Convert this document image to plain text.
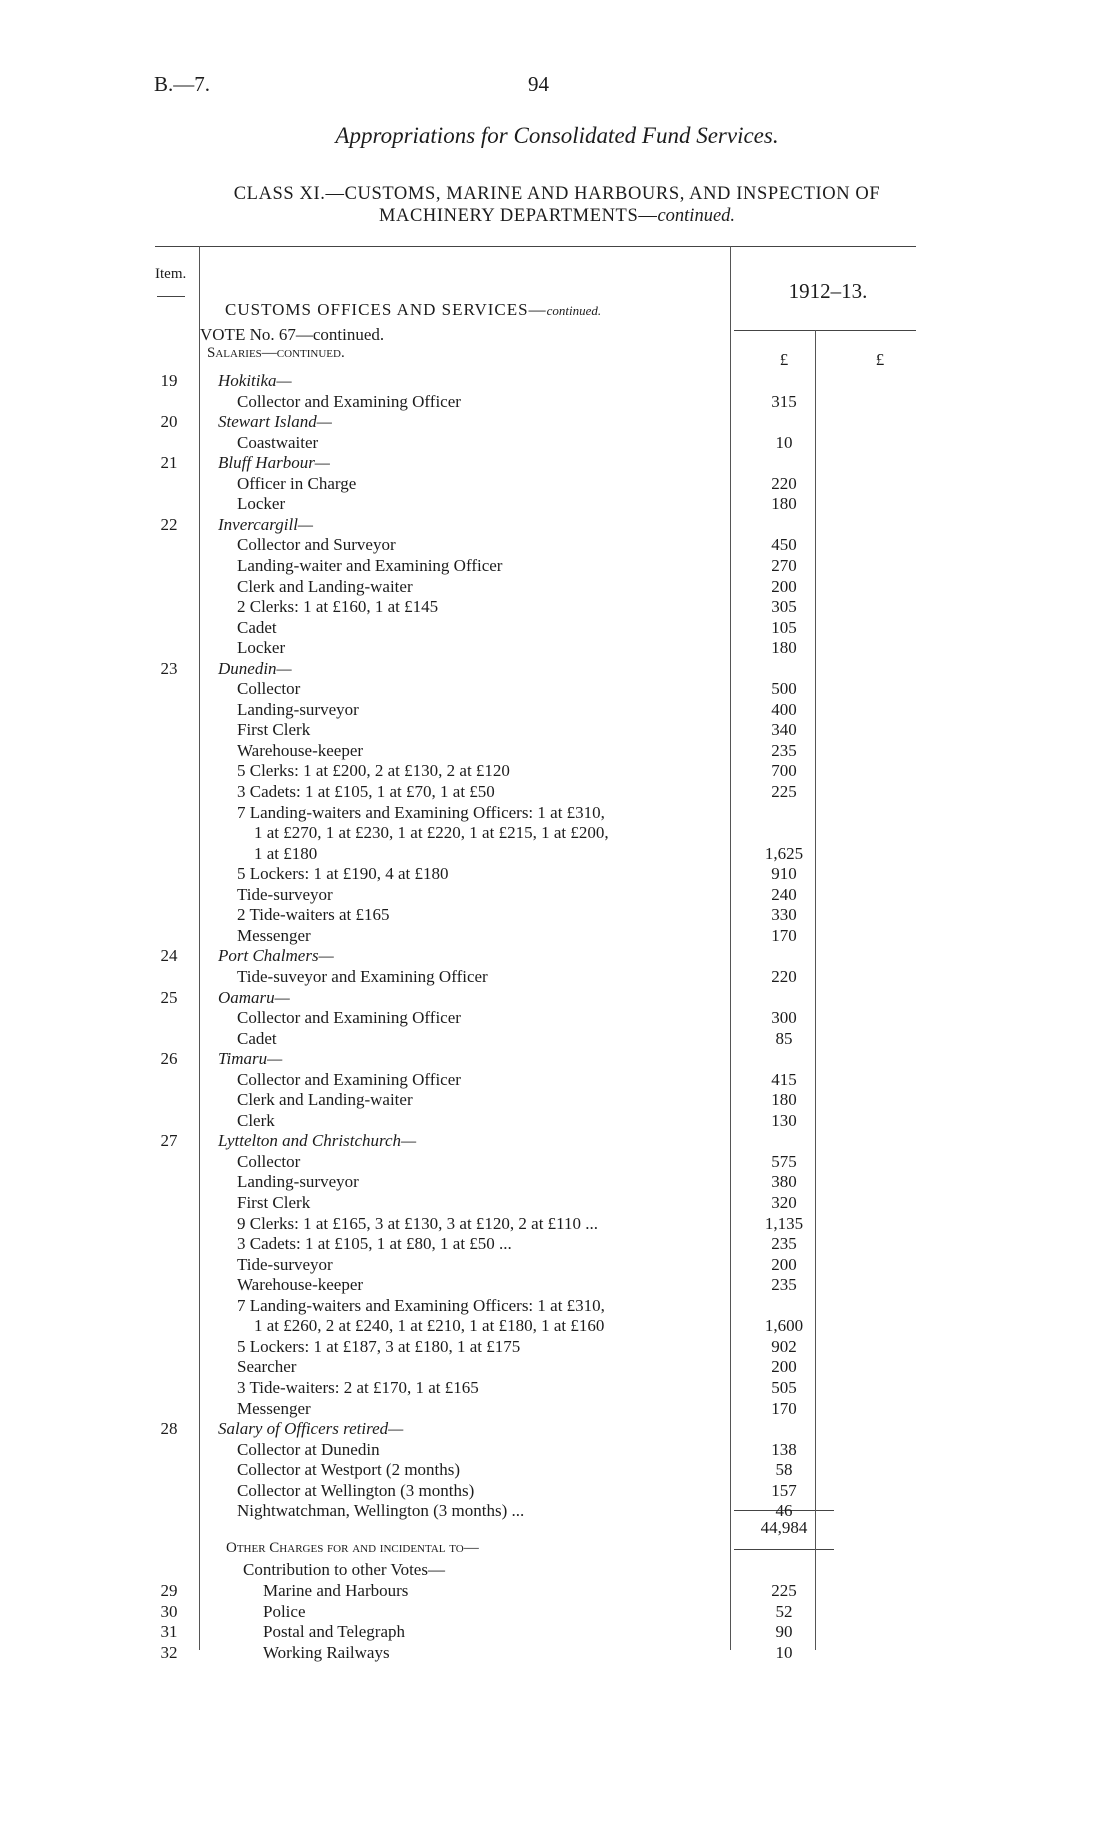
B.—7.	94
Appropriations for Consolidated Fund Services.
CLASS XI.—CUSTOMS, MARINE AND HARBOURS, AND INSPECTION OF
MACHINERY DEPARTMENTS—continued.
Item.
1912–13.
CUSTOMS OFFICES AND SERVICES—continued.
VOTE No. 67—continued.
Salaries—continued.	£	£
19	Hokitika—
Collector and Examining Officer	315
20	Stewart Island—
Coastwaiter	10
21	Bluff Harbour—
Officer in Charge	220
Locker	180
22	Invercargill—
Collector and Surveyor	450
Landing-waiter and Examining Officer	270
Clerk and Landing-waiter	200
2 Clerks: 1 at £160, 1 at £145	305
Cadet	105
Locker	180
23	Dunedin—
Collector	500
Landing-surveyor	400
First Clerk	340
Warehouse-keeper	235
5 Clerks: 1 at £200, 2 at £130, 2 at £120	700
3 Cadets: 1 at £105, 1 at £70, 1 at £50	225
7 Landing-waiters and Examining Officers: 1 at £310,
1 at £270, 1 at £230, 1 at £220, 1 at £215, 1 at £200,
1 at £180	1,625
5 Lockers: 1 at £190, 4 at £180	910
Tide-surveyor	240
2 Tide-waiters at £165	330
Messenger	170
24	Port Chalmers—
Tide-suveyor and Examining Officer	220
25	Oamaru—
Collector and Examining Officer	300
Cadet	85
26	Timaru—
Collector and Examining Officer	415
Clerk and Landing-waiter	180
Clerk	130
27	Lyttelton and Christchurch—
Collector	575
Landing-surveyor	380
First Clerk	320
9 Clerks: 1 at £165, 3 at £130, 3 at £120, 2 at £110 ...	1,135
3 Cadets: 1 at £105, 1 at £80, 1 at £50 ...	235
Tide-surveyor	200
Warehouse-keeper	235
7 Landing-waiters and Examining Officers: 1 at £310,
1 at £260, 2 at £240, 1 at £210, 1 at £180, 1 at £160	1,600
5 Lockers: 1 at £187, 3 at £180, 1 at £175	902
Searcher	200
3 Tide-waiters: 2 at £170, 1 at £165	505
Messenger	170
28	Salary of Officers retired—
Collector at Dunedin	138
Collector at Westport (2 months)	58
Collector at Wellington (3 months)	157
Nightwatchman, Wellington (3 months) ...	46
44,984
Other Charges for and incidental to—
Contribution to other Votes—
29	Marine and Harbours	225
30	Police	52
31	Postal and Telegraph	90
32	Working Railways	10
